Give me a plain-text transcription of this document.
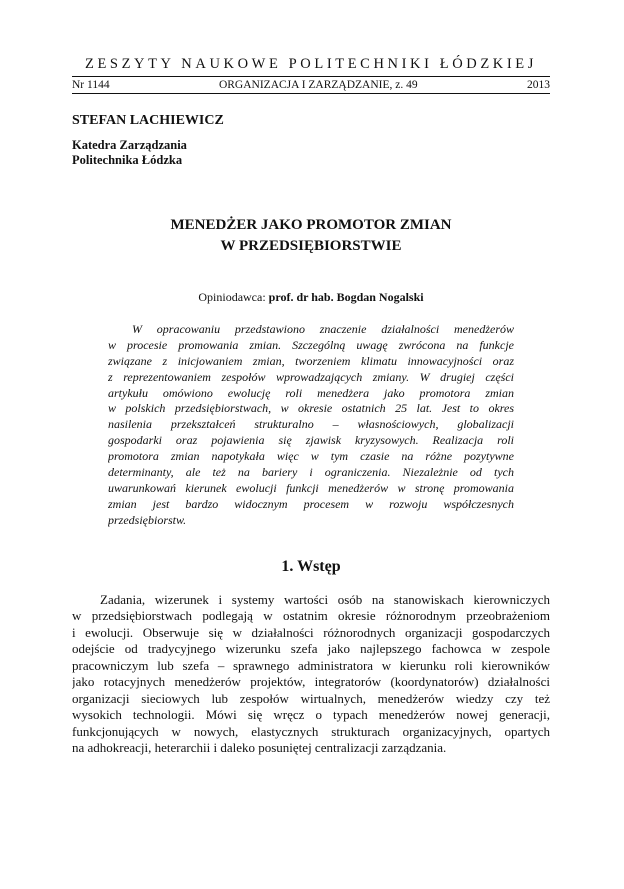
ZESZYTY NAUKOWE POLITECHNIKI ŁÓDZKIEJ
Nr 1144	ORGANIZACJA I ZARZĄDZANIE, z. 49	2013
STEFAN LACHIEWICZ
Katedra Zarządzania
Politechnika Łódzka
MENEDŻER JAKO PROMOTOR ZMIAN
W PRZEDSIĘBIORSTWIE
Opiniodawca: prof. dr hab. Bogdan Nogalski
W opracowaniu przedstawiono znaczenie działalności menedżerów
w procesie promowania zmian. Szczególną uwagę zwrócona na funkcje
związane z inicjowaniem zmian, tworzeniem klimatu innowacyjności oraz
z reprezentowaniem zespołów wprowadzających zmiany. W drugiej części
artykułu omówiono ewolucję roli menedżera jako promotora zmian
w polskich przedsiębiorstwach, w okresie ostatnich 25 lat. Jest to okres
nasilenia przekształceń strukturalno – własnościowych, globalizacji
gospodarki oraz pojawienia się zjawisk kryzysowych. Realizacja roli
promotora zmian napotykała więc w tym czasie na różne pozytywne
determinanty, ale też na bariery i ograniczenia. Niezależnie od tych
uwarunkowań kierunek ewolucji funkcji menedżerów w stronę promowania
zmian jest bardzo widocznym procesem w rozwoju współczesnych
przedsiębiorstw.
1. Wstęp
Zadania, wizerunek i systemy wartości osób na stanowiskach kierowniczych
w przedsiębiorstwach podlegają w ostatnim okresie różnorodnym przeobrażeniom
i ewolucji. Obserwuje się w działalności różnorodnych organizacji gospodarczych
odejście od tradycyjnego wizerunku szefa jako najlepszego fachowca w zespole
pracowniczym lub szefa – sprawnego administratora w kierunku roli kierowników
jako rotacyjnych menedżerów projektów, integratorów (koordynatorów) działalności
organizacji sieciowych lub zespołów wirtualnych, menedżerów wiedzy czy też
wysokich technologii. Mówi się wręcz o typach menedżerów nowej generacji,
funkcjonujących w nowych, elastycznych strukturach organizacyjnych, opartych
na adhokreacji, heterarchii i daleko posuniętej centralizacji zarządzania.
